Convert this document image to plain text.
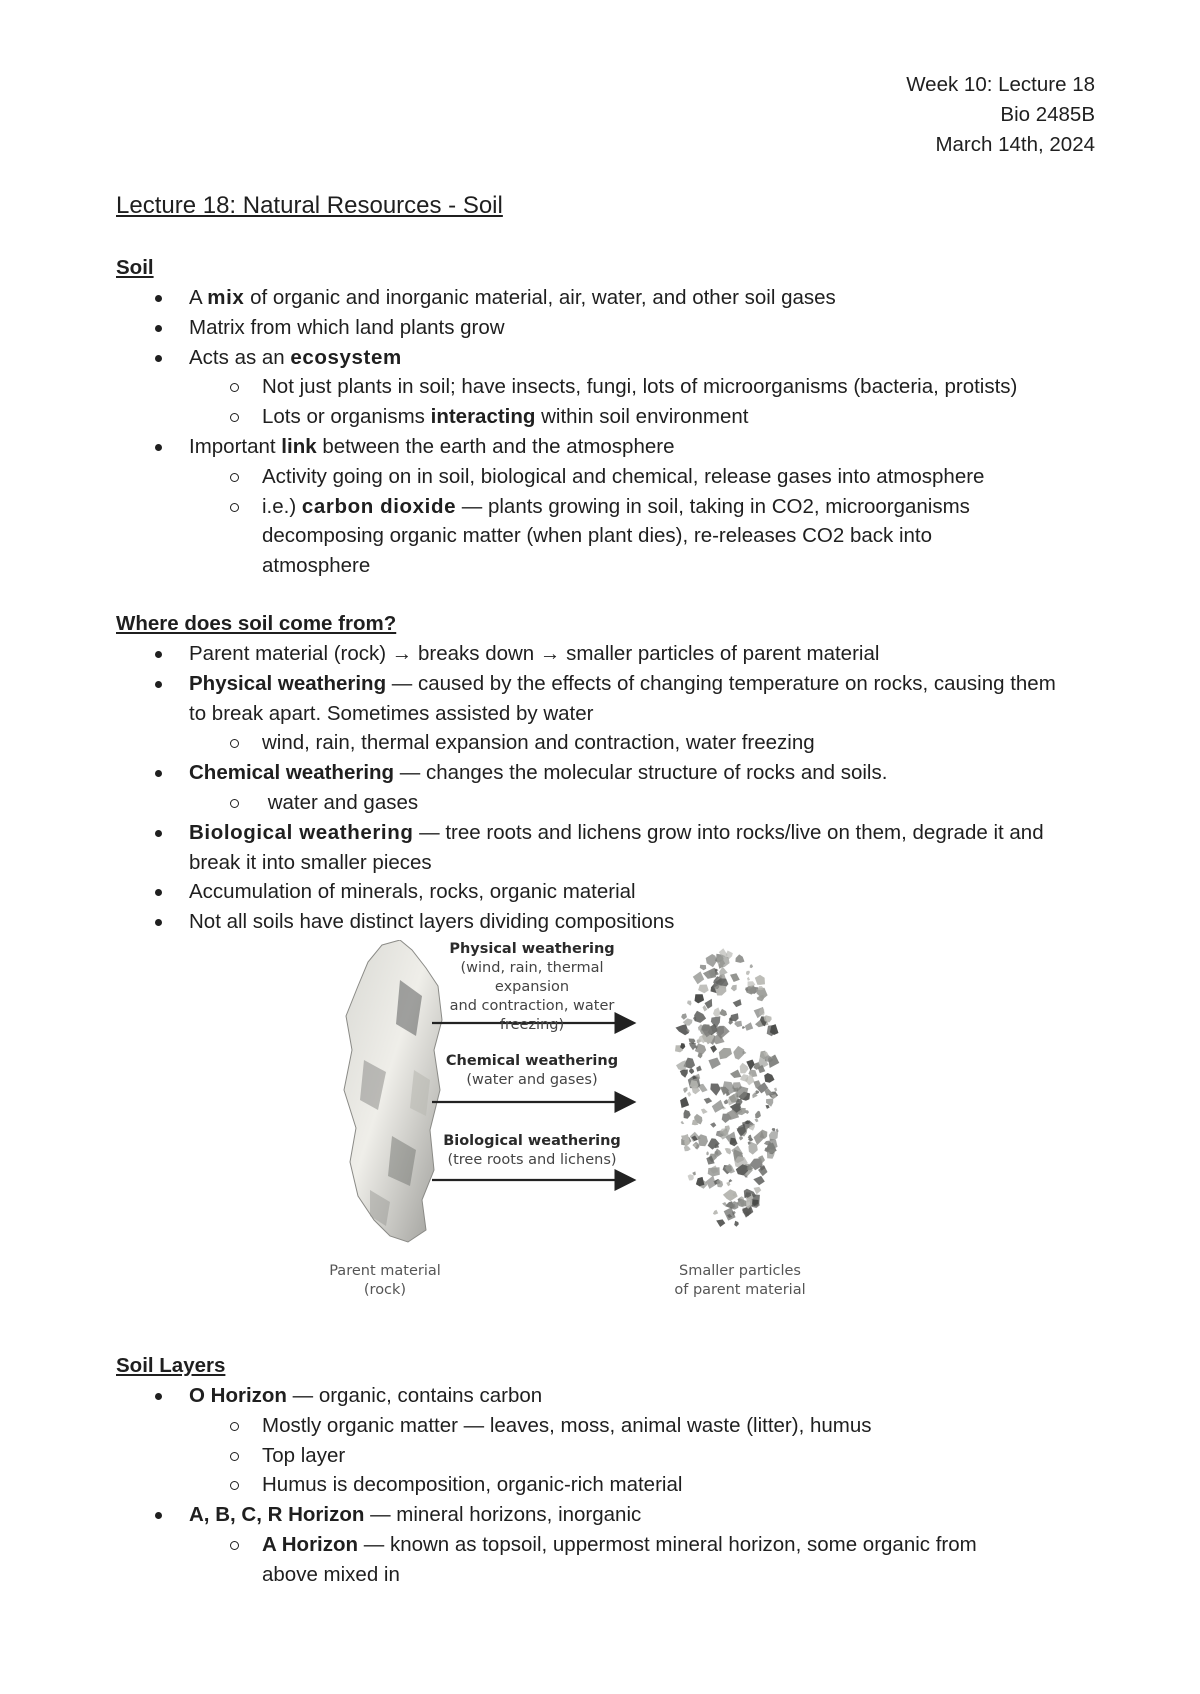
Week 10: Lecture 18
Bio 2485B
March 14th, 2024
Lecture 18: Natural Resources - Soil
Soil
A mix of organic and inorganic material, air, water, and other soil gases
Matrix from which land plants grow
Acts as an ecosystem
Not just plants in soil; have insects, fungi, lots of microorganisms (bacteria, protists)
Lots or organisms interacting within soil environment
Important link between the earth and the atmosphere
Activity going on in soil, biological and chemical, release gases into atmosphere
i.e.) carbon dioxide — plants growing in soil, taking in CO2, microorganisms decomposing organic matter (when plant dies), re-releases CO2 back into atmosphere
Where does soil come from?
Parent material (rock) → breaks down → smaller particles of parent material
Physical weathering — caused by the effects of changing temperature on rocks, causing them to break apart. Sometimes assisted by water
wind, rain, thermal expansion and contraction, water freezing
Chemical weathering — changes the molecular structure of rocks and soils.
water and gases
Biological weathering — tree roots and lichens grow into rocks/live on them, degrade it and break it into smaller pieces
Accumulation of minerals, rocks, organic material
Not all soils have distinct layers dividing compositions
Physical weathering
(wind, rain, thermal expansion
and contraction, water freezing)
Chemical weathering
(water and gases)
Biological weathering
(tree roots and lichens)
Parent material
(rock)
Smaller particles
of parent material
Soil Layers
O Horizon — organic, contains carbon
Mostly organic matter — leaves, moss, animal waste (litter), humus
Top layer
Humus is decomposition, organic-rich material
A, B, C, R Horizon — mineral horizons, inorganic
A Horizon — known as topsoil, uppermost mineral horizon, some organic from above mixed in
